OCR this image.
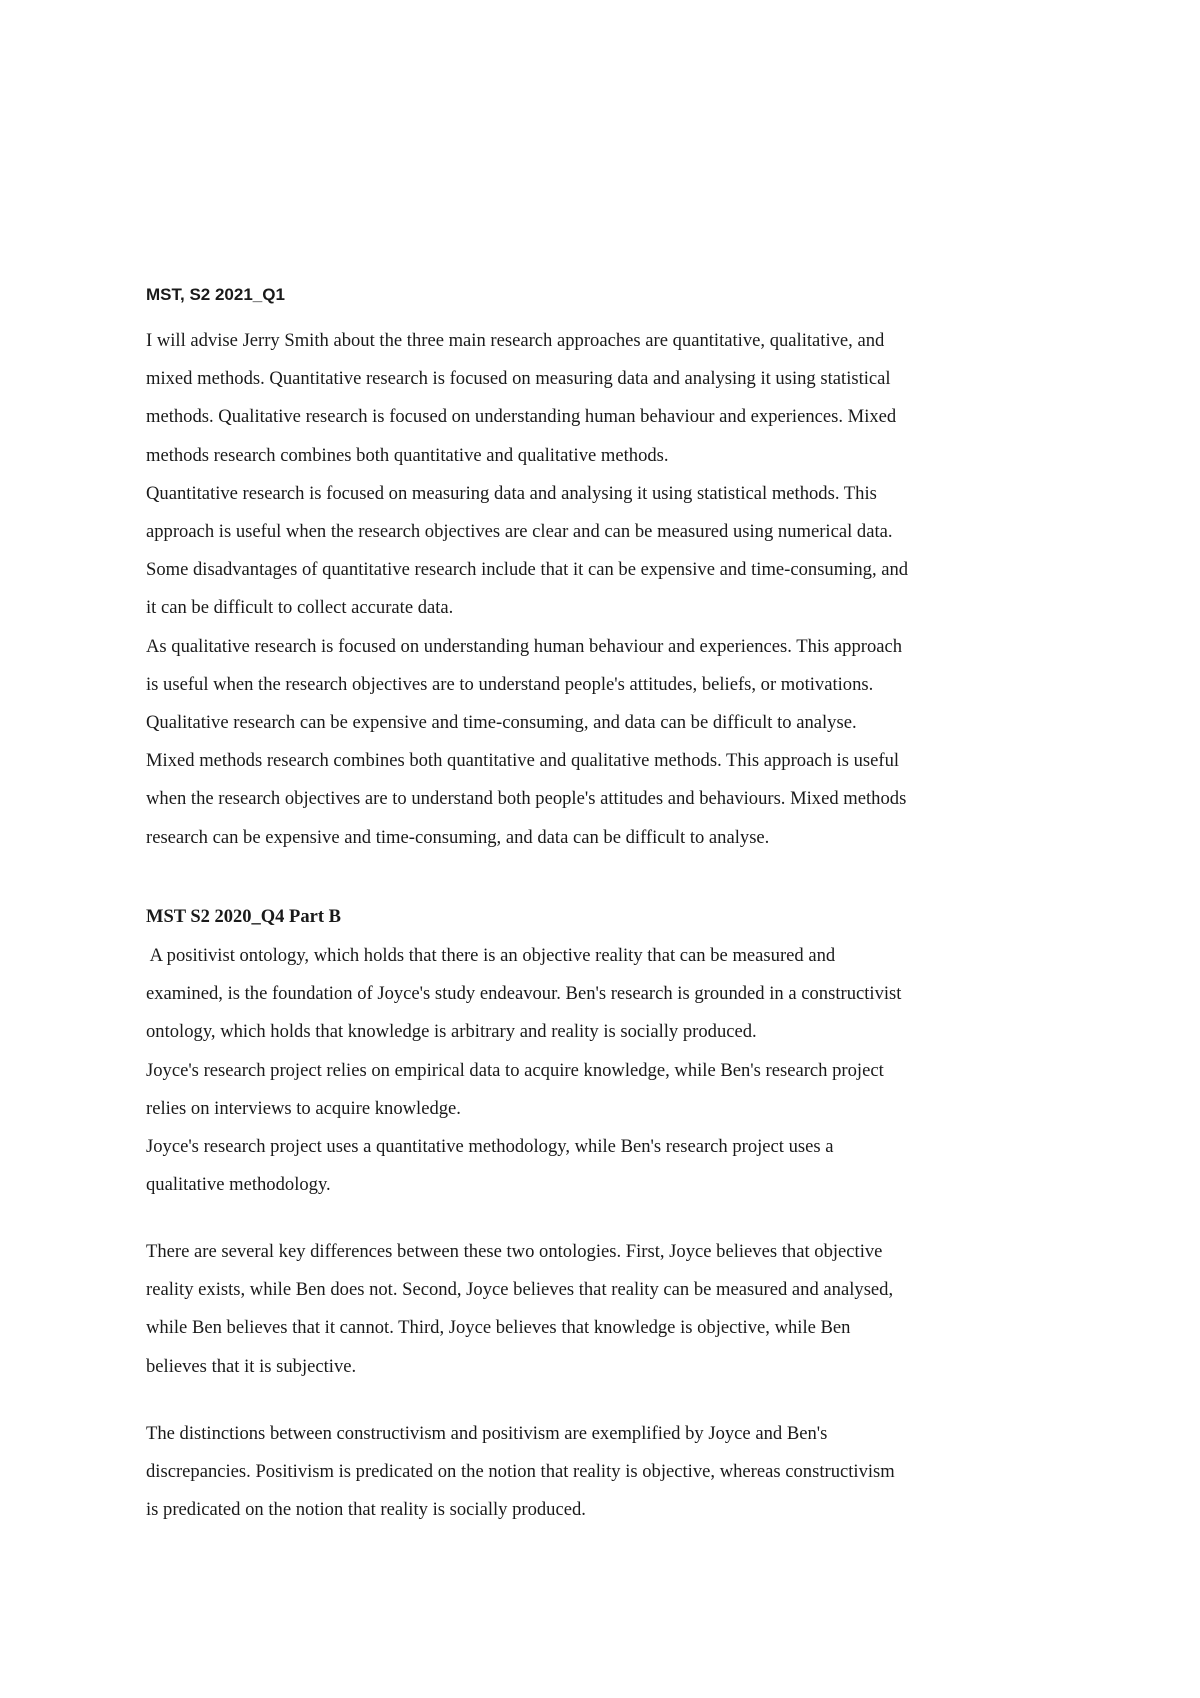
MST, S2 2021_Q1

I will advise Jerry Smith about the three main research approaches are quantitative, qualitative, and
mixed methods. Quantitative research is focused on measuring data and analysing it using statistical
methods. Qualitative research is focused on understanding human behaviour and experiences. Mixed
methods research combines both quantitative and qualitative methods.
Quantitative research is focused on measuring data and analysing it using statistical methods. This
approach is useful when the research objectives are clear and can be measured using numerical data.
Some disadvantages of quantitative research include that it can be expensive and time-consuming, and
it can be difficult to collect accurate data.
As qualitative research is focused on understanding human behaviour and experiences. This approach
is useful when the research objectives are to understand people's attitudes, beliefs, or motivations.
Qualitative research can be expensive and time-consuming, and data can be difficult to analyse.
Mixed methods research combines both quantitative and qualitative methods. This approach is useful
when the research objectives are to understand both people's attitudes and behaviours. Mixed methods
research can be expensive and time-consuming, and data can be difficult to analyse.

MST S2 2020_Q4 Part B

A positivist ontology, which holds that there is an objective reality that can be measured and
examined, is the foundation of Joyce's study endeavour. Ben's research is grounded in a constructivist
ontology, which holds that knowledge is arbitrary and reality is socially produced.
Joyce's research project relies on empirical data to acquire knowledge, while Ben's research project
relies on interviews to acquire knowledge.
Joyce's research project uses a quantitative methodology, while Ben's research project uses a
qualitative methodology.

There are several key differences between these two ontologies. First, Joyce believes that objective
reality exists, while Ben does not. Second, Joyce believes that reality can be measured and analysed,
while Ben believes that it cannot. Third, Joyce believes that knowledge is objective, while Ben
believes that it is subjective.

The distinctions between constructivism and positivism are exemplified by Joyce and Ben's
discrepancies. Positivism is predicated on the notion that reality is objective, whereas constructivism
is predicated on the notion that reality is socially produced.
